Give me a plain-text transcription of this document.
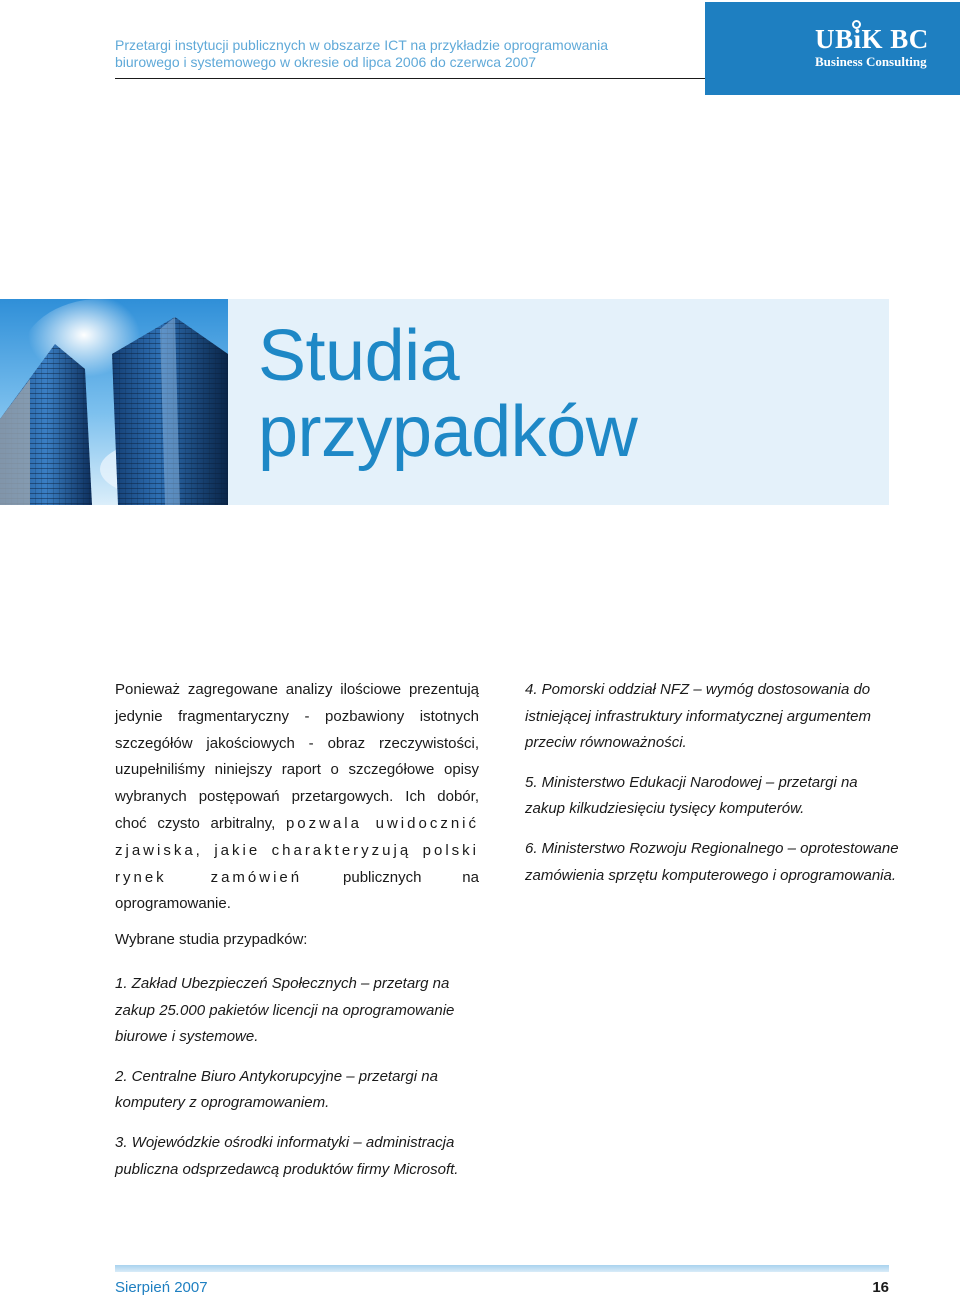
Przetargi instytucji publicznych w obszarze ICT na przykładzie oprogramowania
biurowego i systemowego w okresie od lipca 2006 do czerwca 2007
UBiK BC
Business Consulting
Studia
przypadków

Ponieważ zagregowane analizy ilościowe prezentują jedynie fragmentaryczny - pozbawiony istotnych szczegółów jakościowych - obraz rzeczywistości, uzupełniliśmy niniejszy raport o szczegółowe opisy wybranych postępowań przetargowych. Ich dobór, choć czysto arbitralny, pozwala uwidocznić zjawiska, jakie charakteryzują polski rynek zamówień	publicznych na oprogramowanie.

Wybrane studia przypadków:

1. Zakład Ubezpieczeń Społecznych – przetarg na zakup 25.000 pakietów licencji na oprogramowanie biurowe i systemowe.

2. Centralne Biuro Antykorupcyjne – przetargi na komputery z oprogramowaniem.

3. Wojewódzkie ośrodki informatyki – administracja publiczna odsprzedawcą produktów firmy Microsoft.

4. Pomorski oddział NFZ – wymóg dostosowania do istniejącej infrastruktury informatycznej argumentem przeciw równoważności.

5. Ministerstwo Edukacji Narodowej – przetargi na zakup kilkudziesięciu tysięcy komputerów.

6. Ministerstwo Rozwoju Regionalnego – oprotestowane zamówienia sprzętu komputerowego i oprogramowania.

Sierpień 2007	16
